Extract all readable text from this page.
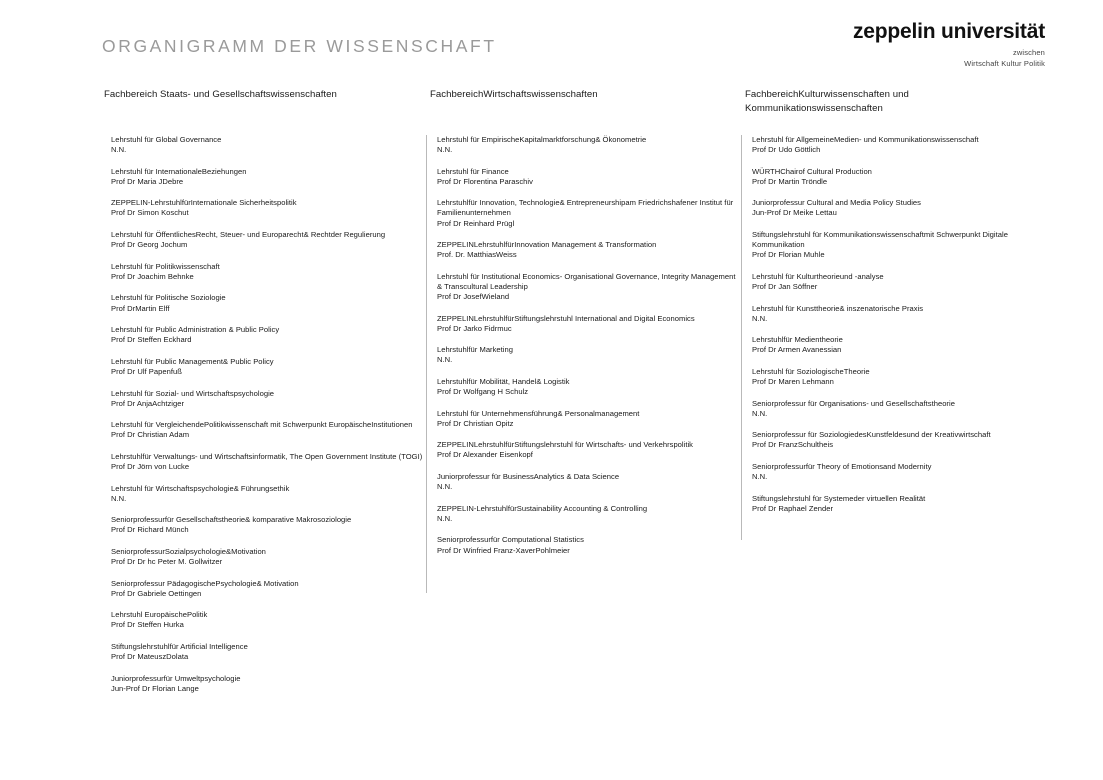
ORGANIGRAMM DER WISSENSCHAFT
zeppelin universität
zwischen
Wirtschaft Kultur Politik
Fachbereich Staats- und Gesellschaftswissenschaften
Lehrstuhl für Global Governance
N.N.
Lehrstuhl für InternationaleBeziehungen
Prof Dr Maria JDebre
ZEPPELIN-LehrstuhlfürInternationale Sicherheitspolitik
Prof Dr Simon Koschut
Lehrstuhl für ÖffentlichesRecht, Steuer- und Europarecht& Rechtder Regulierung
Prof Dr Georg Jochum
Lehrstuhl für Politikwissenschaft
Prof Dr Joachim Behnke
Lehrstuhl für Politische Soziologie
Prof DrMartin Elff
Lehrstuhl für Public Administration & Public Policy
Prof Dr Steffen Eckhard
Lehrstuhl für Public Management& Public Policy
Prof Dr Ulf Papenfuß
Lehrstuhl für Sozial- und Wirtschaftspsychologie
Prof Dr AnjaAchtziger
Lehrstuhl für VergleichendePolitikwissenschaft mit Schwerpunkt EuropäischeInstitutionen
Prof Dr Christian Adam
Lehrstuhlfür Verwaltungs- und Wirtschaftsinformatik, The Open Government Institute (TOGI)
Prof Dr Jörn von Lucke
Lehrstuhl für Wirtschaftspsychologie& Führungsethik
N.N.
Seniorprofessurfür Gesellschaftstheorie& komparative Makrosoziologie
Prof Dr Richard Münch
SeniorprofessurSozialpsychologie&Motivation
Prof Dr Dr hc Peter M. Gollwitzer
Seniorprofessur PädagogischePsychologie& Motivation
Prof Dr Gabriele Oettingen
Lehrstuhl EuropäischePolitik
Prof Dr Steffen Hurka
Stiftungslehrstuhlfür Artificial Intelligence
Prof Dr MateuszDolata
Juniorprofessurfür Umweltpsychologie
Jun-Prof Dr Florian Lange
FachbereichWirtschaftswissenschaften
Lehrstuhl für EmpirischeKapitalmarktforschung& Ökonometrie
N.N.
Lehrstuhl für Finance
Prof Dr Florentina Paraschiv
Lehrstuhlfür Innovation, Technologie& Entrepreneurshipam Friedrichshafener Institut für Familienunternehmen
Prof Dr Reinhard Prügl
ZEPPELINLehrstuhlfürInnovation Management & Transformation
Prof. Dr. MatthiasWeiss
Lehrstuhl für Institutional Economics- Organisational Governance, Integrity Management & Transcultural Leadership
Prof Dr JosefWieland
ZEPPELINLehrstuhlfürStiftungslehrstuhl International and Digital Economics
Prof Dr Jarko Fidrmuc
Lehrstuhlfür Marketing
N.N.
Lehrstuhlfür Mobilität, Handel& Logistik
Prof Dr Wolfgang H Schulz
Lehrstuhl für Unternehmensführung& Personalmanagement
Prof Dr Christian Opitz
ZEPPELINLehrstuhlfürStiftungslehrstuhl für Wirtschafts- und Verkehrspolitik
Prof Dr Alexander Eisenkopf
Juniorprofessur für BusinessAnalytics & Data Science
N.N.
ZEPPELIN-LehrstuhlfürSustainability Accounting & Controlling
N.N.
Seniorprofessurfür Computational Statistics
Prof Dr Winfried Franz-XaverPohlmeier
FachbereichKulturwissenschaften und Kommunikationswissenschaften
Lehrstuhl für AllgemeineMedien- und Kommunikationswissenschaft
Prof Dr Udo Göttlich
WÜRTHChairof Cultural Production
Prof Dr Martin Tröndle
Juniorprofessur Cultural and Media Policy Studies
Jun-Prof Dr Meike Lettau
Stiftungslehrstuhl für Kommunikationswissenschaftmit Schwerpunkt Digitale Kommunikation
Prof Dr Florian Muhle
Lehrstuhl für Kulturtheorieund -analyse
Prof Dr Jan Söffner
Lehrstuhl für Kunsttheorie& inszenatorische Praxis
N.N.
Lehrstuhlfür Medientheorie
Prof Dr Armen Avanessian
Lehrstuhl für SoziologischeTheorie
Prof Dr Maren Lehmann
Seniorprofessur für Organisations- und Gesellschaftstheorie
N.N.
Seniorprofessur für SoziologiedesKunstfeldesund der Kreativwirtschaft
Prof Dr FranzSchultheis
Seniorprofessurfür Theory of Emotionsand Modernity
N.N.
Stiftungslehrstuhl für Systemeder virtuellen Realität
Prof Dr Raphael Zender
